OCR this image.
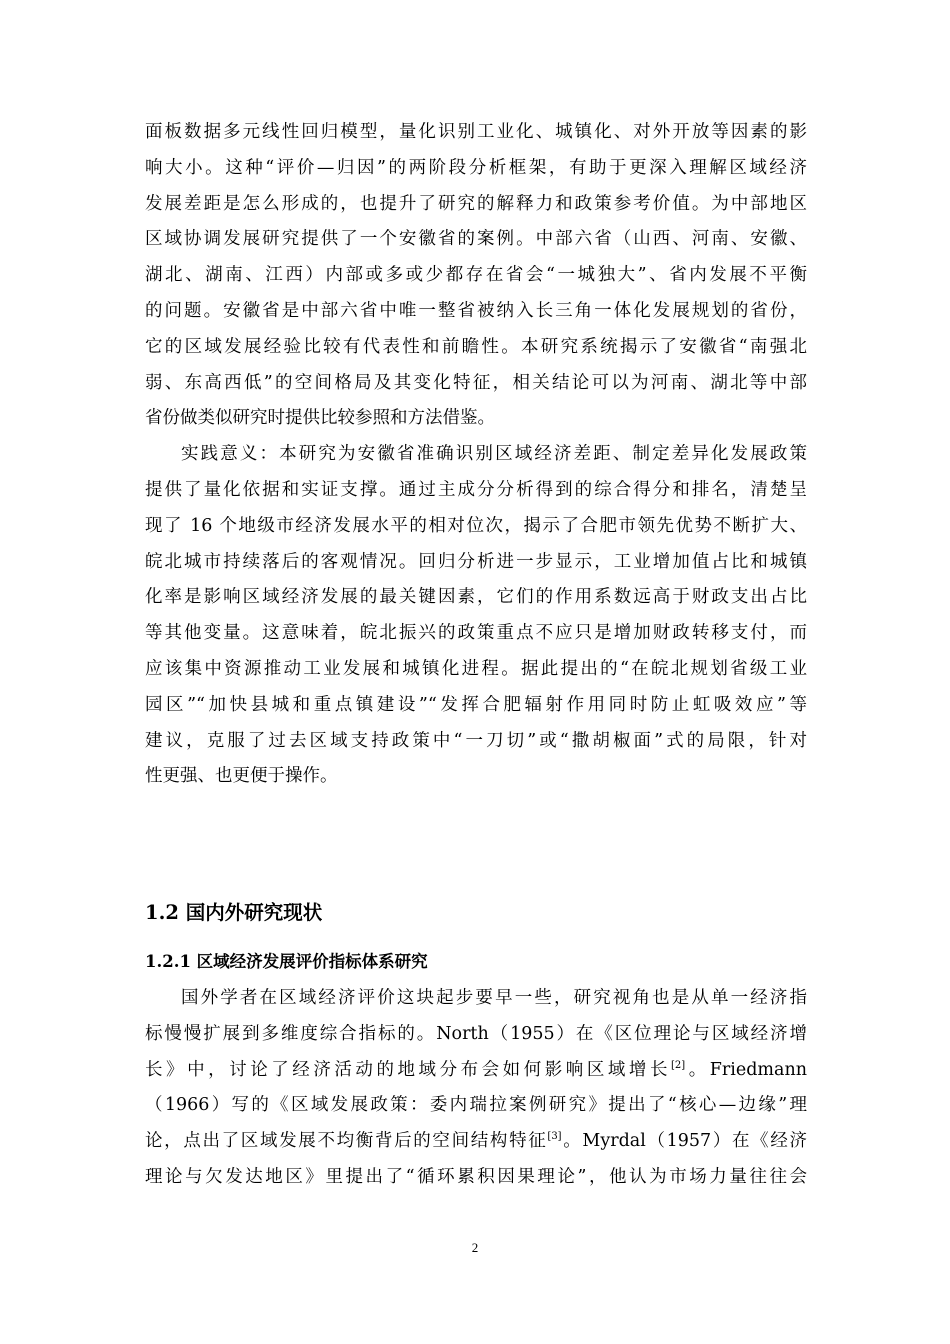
面板数据多元线性回归模型，量化识别工业化、城镇化、对外开放等因素的影
响大小。这种“评价—归因”的两阶段分析框架，有助于更深入理解区域经济
发展差距是怎么形成的，也提升了研究的解释力和政策参考价值。为中部地区
区域协调发展研究提供了一个安徽省的案例。中部六省（山西、河南、安徽、
湖北、湖南、江西）内部或多或少都存在省会“一城独大”、省内发展不平衡
的问题。安徽省是中部六省中唯一整省被纳入长三角一体化发展规划的省份，
它的区域发展经验比较有代表性和前瞻性。本研究系统揭示了安徽省“南强北
弱、东高西低”的空间格局及其变化特征，相关结论可以为河南、湖北等中部
省份做类似研究时提供比较参照和方法借鉴。

实践意义：本研究为安徽省准确识别区域经济差距、制定差异化发展政策
提供了量化依据和实证支撑。通过主成分分析得到的综合得分和排名，清楚呈
现了 16 个地级市经济发展水平的相对位次，揭示了合肥市领先优势不断扩大、
皖北城市持续落后的客观情况。回归分析进一步显示，工业增加值占比和城镇
化率是影响区域经济发展的最关键因素，它们的作用系数远高于财政支出占比
等其他变量。这意味着，皖北振兴的政策重点不应只是增加财政转移支付，而
应该集中资源推动工业发展和城镇化进程。据此提出的“在皖北规划省级工业
园区”“加快县城和重点镇建设”“发挥合肥辐射作用同时防止虹吸效应”等
建议，克服了过去区域支持政策中“一刀切”或“撒胡椒面”式的局限，针对
性更强、也更便于操作。

1.2 国内外研究现状
1.2.1 区域经济发展评价指标体系研究

国外学者在区域经济评价这块起步要早一些，研究视角也是从单一经济指
标慢慢扩展到多维度综合指标的。North（1955）在《区位理论与区域经济增
长》中，讨论了经济活动的地域分布会如何影响区域增长[2]。Friedmann
（1966）写的《区域发展政策：委内瑞拉案例研究》提出了“核心—边缘”理
论，点出了区域发展不均衡背后的空间结构特征[3]。Myrdal（1957）在《经济
理论与欠发达地区》里提出了“循环累积因果理论”，他认为市场力量往往会

2
